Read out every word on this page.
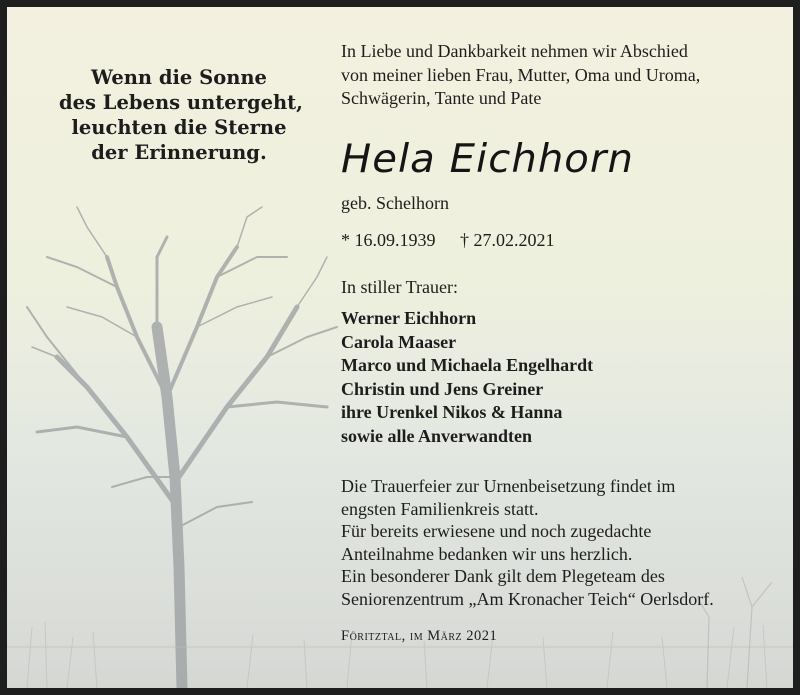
Wenn die Sonne
des Lebens untergeht,
leuchten die Sterne
der Erinnerung.
In Liebe und Dankbarkeit nehmen wir Abschied
von meiner lieben Frau, Mutter, Oma und Uroma,
Schwägerin, Tante und Pate
Hela Eichhorn
geb. Schelhorn
* 16.09.1939 † 27.02.2021
In stiller Trauer:
Werner Eichhorn
Carola Maaser
Marco und Michaela Engelhardt
Christin und Jens Greiner
ihre Urenkel Nikos & Hanna
sowie alle Anverwandten
Die Trauerfeier zur Urnenbeisetzung findet im
engsten Familienkreis statt.
Für bereits erwiesene und noch zugedachte
Anteilnahme bedanken wir uns herzlich.
Ein besonderer Dank gilt dem Plegeteam des
Seniorenzentrum „Am Kronacher Teich“ Oerlsdorf.
Föritztal, im März 2021
